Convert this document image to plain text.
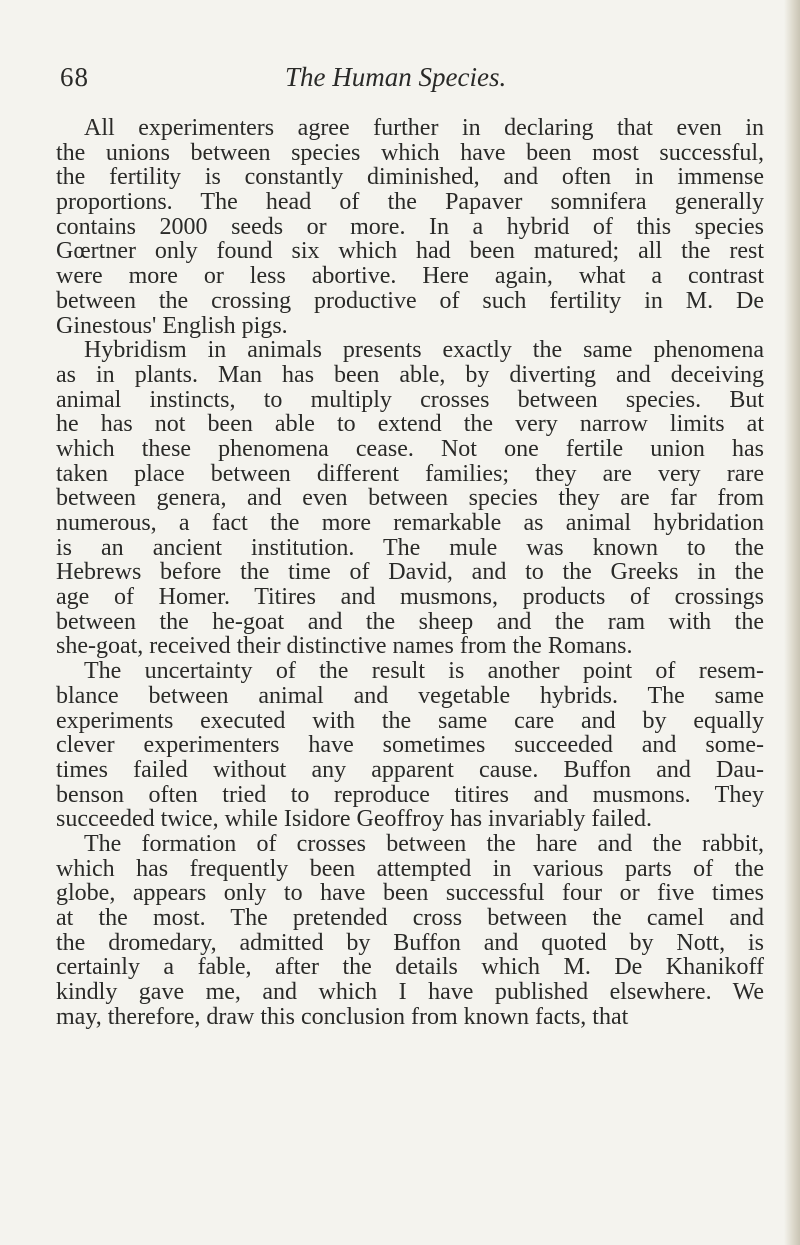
68	The Human Species.
All experimenters agree further in declaring that even in
the unions between species which have been most successful,
the fertility is constantly diminished, and often in immense
proportions. The head of the Papaver somnifera generally
contains 2000 seeds or more. In a hybrid of this species
Gœrtner only found six which had been matured; all the rest
were more or less abortive. Here again, what a contrast
between the crossing productive of such fertility in M. De
Ginestous' English pigs.
Hybridism in animals presents exactly the same phenomena
as in plants. Man has been able, by diverting and deceiving
animal instincts, to multiply crosses between species. But
he has not been able to extend the very narrow limits at
which these phenomena cease. Not one fertile union has
taken place between different families; they are very rare
between genera, and even between species they are far from
numerous, a fact the more remarkable as animal hybridation
is an ancient institution. The mule was known to the
Hebrews before the time of David, and to the Greeks in the
age of Homer. Titires and musmons, products of crossings
between the he-goat and the sheep and the ram with the
she-goat, received their distinctive names from the Romans.
The uncertainty of the result is another point of resem-
blance between animal and vegetable hybrids. The same
experiments executed with the same care and by equally
clever experimenters have sometimes succeeded and some-
times failed without any apparent cause. Buffon and Dau-
benson often tried to reproduce titires and musmons. They
succeeded twice, while Isidore Geoffroy has invariably failed.
The formation of crosses between the hare and the rabbit,
which has frequently been attempted in various parts of the
globe, appears only to have been successful four or five times
at the most. The pretended cross between the camel and
the dromedary, admitted by Buffon and quoted by Nott, is
certainly a fable, after the details which M. De Khanikoff
kindly gave me, and which I have published elsewhere. We
may, therefore, draw this conclusion from known facts, that
